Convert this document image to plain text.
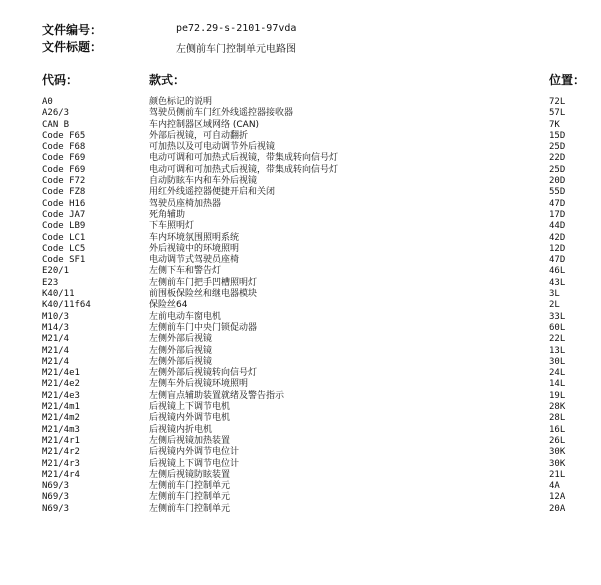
文件编号：	pe72.29-s-2101-97vda
文件标题：	左侧前车门控制单元电路图
代码：	款式：	位置：
A0	颜色标记的说明	72L
A26/3	驾驶员侧前车门红外线遥控器接收器	57L
CAN B	车内控制器区域网络 (CAN)	7K
Code F65	外部后视镜，可自动翻折	15D
Code F68	可加热以及可电动调节外后视镜	25D
Code F69	电动可调和可加热式后视镜，带集成转向信号灯	22D
Code F69	电动可调和可加热式后视镜，带集成转向信号灯	25D
Code F72	自动防眩车内和车外后视镜	20D
Code FZ8	用红外线遥控器便捷开启和关闭	55D
Code H16	驾驶员座椅加热器	47D
Code JA7	死角辅助	17D
Code LB9	下车照明灯	44D
Code LC1	车内环境氛围照明系统	42D
Code LC5	外后视镜中的环境照明	12D
Code SF1	电动调节式驾驶员座椅	47D
E20/1	左侧下车和警告灯	46L
E23	左侧前车门把手凹槽照明灯	43L
K40/11	前围板保险丝和继电器模块	3L
K40/11f64	保险丝64	2L
M10/3	左前电动车窗电机	33L
M14/3	左侧前车门中央门锁促动器	60L
M21/4	左侧外部后视镜	22L
M21/4	左侧外部后视镜	13L
M21/4	左侧外部后视镜	30L
M21/4e1	左侧外部后视镜转向信号灯	24L
M21/4e2	左侧车外后视镜环境照明	14L
M21/4e3	左侧盲点辅助装置就绪及警告指示	19L
M21/4m1	后视镜上下调节电机	28K
M21/4m2	后视镜内外调节电机	28L
M21/4m3	后视镜内折电机	16L
M21/4r1	左侧后视镜加热装置	26L
M21/4r2	后视镜内外调节电位计	30K
M21/4r3	后视镜上下调节电位计	30K
M21/4r4	左侧后视镜防眩装置	21L
N69/3	左侧前车门控制单元	4A
N69/3	左侧前车门控制单元	12A
N69/3	左侧前车门控制单元	20A
